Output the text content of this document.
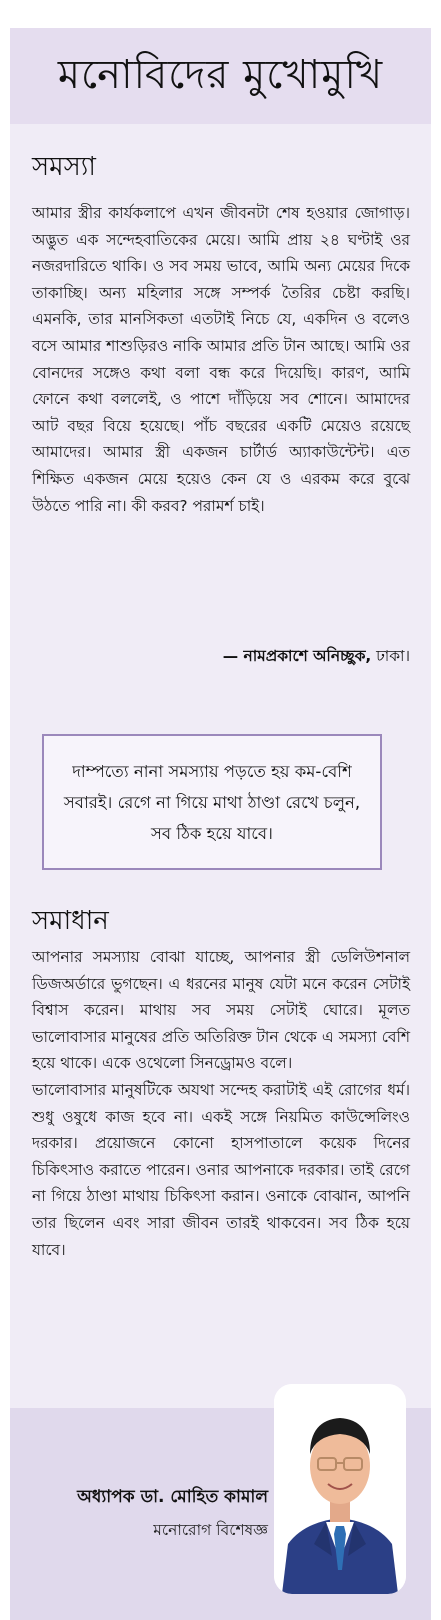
মনোবিদের মুখোমুখি
সমস্যা

আমার স্ত্রীর কার্যকলাপে এখন জীবনটা শেষ হওয়ার জোগাড়। অদ্ভুত এক সন্দেহবাতিকের মেয়ে। আমি প্রায় ২৪ ঘণ্টাই ওর নজরদারিতে থাকি। ও সব সময় ভাবে, আমি অন্য মেয়ের দিকে তাকাচ্ছি। অন্য মহিলার সঙ্গে সম্পর্ক তৈরির চেষ্টা করছি। এমনকি, তার মানসিকতা এতটাই নিচে যে, একদিন ও বলেও বসে আমার শাশুড়িরও নাকি আমার প্রতি টান আছে। আমি ওর বোনদের সঙ্গেও কথা বলা বন্ধ করে দিয়েছি। কারণ, আমি ফোনে কথা বললেই, ও পাশে দাঁড়িয়ে সব শোনে। আমাদের আট বছর বিয়ে হয়েছে। পাঁচ বছরের একটি মেয়েও রয়েছে আমাদের। আমার স্ত্রী একজন চার্টার্ড অ্যাকাউন্টেন্ট। এত শিক্ষিত একজন মেয়ে হয়েও কেন যে ও এরকম করে বুঝে উঠতে পারি না। কী করব? পরামর্শ চাই।

— নামপ্রকাশে অনিচ্ছুক, ঢাকা।

দাম্পত্যে নানা সমস্যায় পড়তে হয় কম-বেশি সবারই। রেগে না গিয়ে মাথা ঠাণ্ডা রেখে চলুন, সব ঠিক হয়ে যাবে।

সমাধান

আপনার সমস্যায় বোঝা যাচ্ছে, আপনার স্ত্রী ডেলিউশনাল ডিজঅর্ডারে ভুগছেন। এ ধরনের মানুষ যেটা মনে করেন সেটাই বিশ্বাস করেন। মাথায় সব সময় সেটাই ঘোরে। মূলত ভালোবাসার মানুষের প্রতি অতিরিক্ত টান থেকে এ সমস্যা বেশি হয়ে থাকে। একে ওথেলো সিনড্রোমও বলে।

ভালোবাসার মানুষটিকে অযথা সন্দেহ করাটাই এই রোগের ধর্ম। শুধু ওষুধে কাজ হবে না। একই সঙ্গে নিয়মিত কাউন্সেলিংও দরকার। প্রয়োজনে কোনো হাসপাতালে কয়েক দিনের চিকিৎসাও করাতে পারেন। ওনার আপনাকে দরকার। তাই রেগে না গিয়ে ঠাণ্ডা মাথায় চিকিৎসা করান। ওনাকে বোঝান, আপনি তার ছিলেন এবং সারা জীবন তারই থাকবেন। সব ঠিক হয়ে যাবে।

অধ্যাপক ডা. মোহিত কামাল
মনোরোগ বিশেষজ্ঞ
